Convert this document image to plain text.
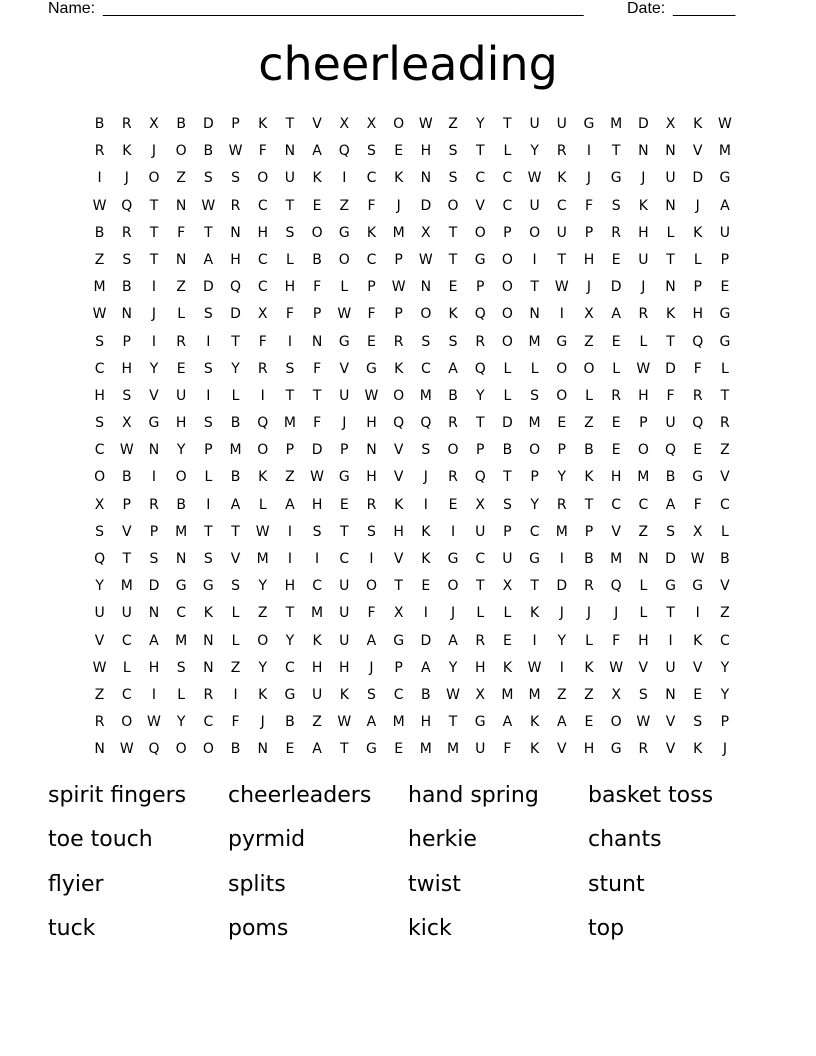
Name: ______________________________________________________	Date: _______
cheerleading
B	R	X	B	D	P	K	T	V	X	X	O	W	Z	Y	T	U	U	G	M	D	X	K	W
R	K	J	O	B	W	F	N	A	Q	S	E	H	S	T	L	Y	R	I	T	N	N	V	M
I	J	O	Z	S	S	O	U	K	I	C	K	N	S	C	C	W	K	J	G	J	U	D	G
W	Q	T	N	W	R	C	T	E	Z	F	J	D	O	V	C	U	C	F	S	K	N	J	A
B	R	T	F	T	N	H	S	O	G	K	M	X	T	O	P	O	U	P	R	H	L	K	U
Z	S	T	N	A	H	C	L	B	O	C	P	W	T	G	O	I	T	H	E	U	T	L	P
M	B	I	Z	D	Q	C	H	F	L	P	W	N	E	P	O	T	W	J	D	J	N	P	E
W	N	J	L	S	D	X	F	P	W	F	P	O	K	Q	O	N	I	X	A	R	K	H	G
S	P	I	R	I	T	F	I	N	G	E	R	S	S	R	O	M	G	Z	E	L	T	Q	G
C	H	Y	E	S	Y	R	S	F	V	G	K	C	A	Q	L	L	O	O	L	W	D	F	L
H	S	V	U	I	L	I	T	T	U	W	O	M	B	Y	L	S	O	L	R	H	F	R	T
S	X	G	H	S	B	Q	M	F	J	H	Q	Q	R	T	D	M	E	Z	E	P	U	Q	R
C	W	N	Y	P	M	O	P	D	P	N	V	S	O	P	B	O	P	B	E	O	Q	E	Z
O	B	I	O	L	B	K	Z	W	G	H	V	J	R	Q	T	P	Y	K	H	M	B	G	V
X	P	R	B	I	A	L	A	H	E	R	K	I	E	X	S	Y	R	T	C	C	A	F	C
S	V	P	M	T	T	W	I	S	T	S	H	K	I	U	P	C	M	P	V	Z	S	X	L
Q	T	S	N	S	V	M	I	I	C	I	V	K	G	C	U	G	I	B	M	N	D	W	B
Y	M	D	G	G	S	Y	H	C	U	O	T	E	O	T	X	T	D	R	Q	L	G	G	V
U	U	N	C	K	L	Z	T	M	U	F	X	I	J	L	L	K	J	J	J	L	T	I	Z
V	C	A	M	N	L	O	Y	K	U	A	G	D	A	R	E	I	Y	L	F	H	I	K	C
W	L	H	S	N	Z	Y	C	H	H	J	P	A	Y	H	K	W	I	K	W	V	U	V	Y
Z	C	I	L	R	I	K	G	U	K	S	C	B	W	X	M	M	Z	Z	X	S	N	E	Y
R	O	W	Y	C	F	J	B	Z	W	A	M	H	T	G	A	K	A	E	O	W	V	S	P
N	W	Q	O	O	B	N	E	A	T	G	E	M	M	U	F	K	V	H	G	R	V	K	J
spirit fingers	cheerleaders	hand spring	basket toss
toe touch	pyrmid	herkie	chants
flyier	splits	twist	stunt
tuck	poms	kick	top
